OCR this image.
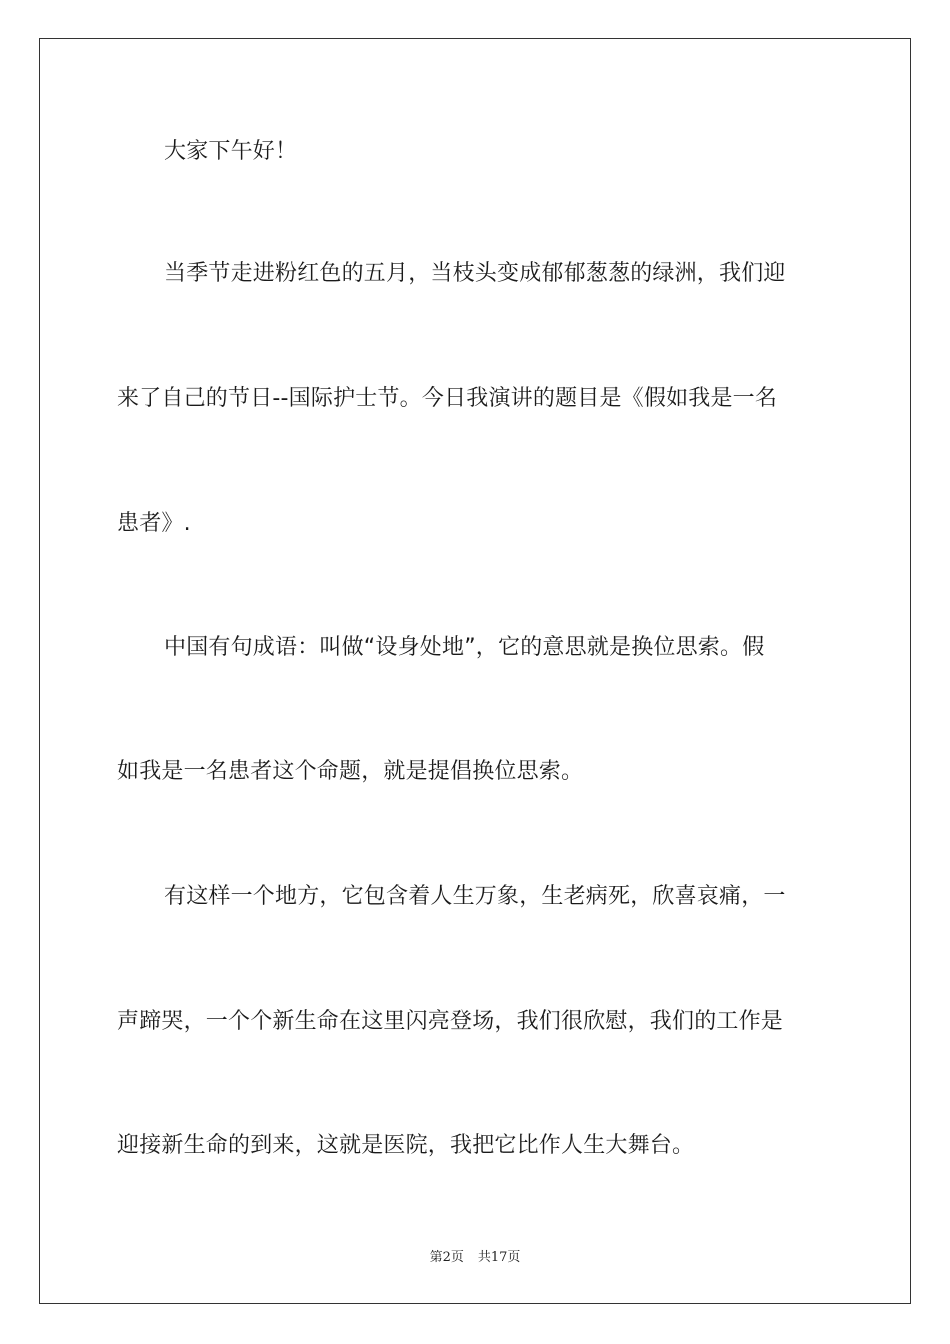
大家下午好！
当季节走进粉红色的五月，当枝头变成郁郁葱葱的绿洲，我们迎
来了自己的节日--国际护士节。今日我演讲的题目是《假如我是一名
患者》.
中国有句成语：叫做“设身处地”，它的意思就是换位思索。假
如我是一名患者这个命题，就是提倡换位思索。
有这样一个地方，它包含着人生万象，生老病死，欣喜哀痛，一
声蹄哭，一个个新生命在这里闪亮登场，我们很欣慰，我们的工作是
迎接新生命的到来，这就是医院，我把它比作人生大舞台。
第2页 共17页
